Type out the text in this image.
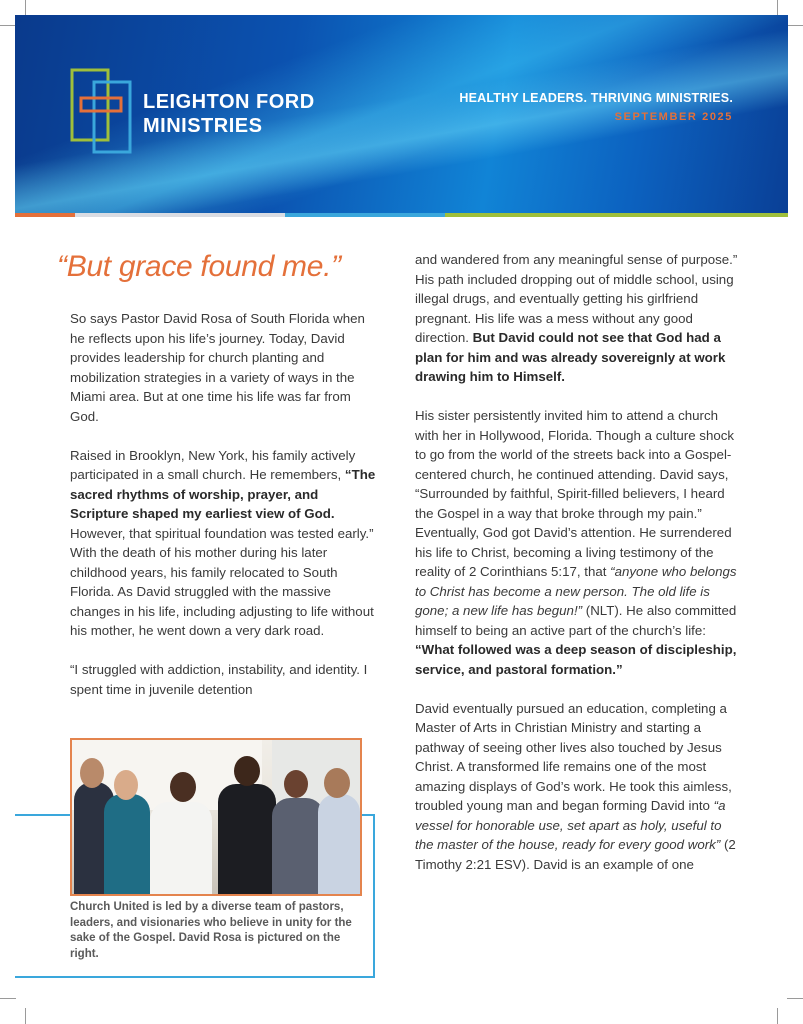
LEIGHTON FORD
MINISTRIES
HEALTHY LEADERS. THRIVING MINISTRIES.
SEPTEMBER 2025
“But grace found me.”

So says Pastor David Rosa of South Florida when he reflects upon his life’s journey. Today, David provides leadership for church planting and mobilization strategies in a variety of ways in the Miami area. But at one time his life was far from God.

Raised in Brooklyn, New York, his family actively participated in a small church. He remembers, “The sacred rhythms of worship, prayer, and Scripture shaped my earliest view of God. However, that spiritual foundation was tested early.” With the death of his mother during his later childhood years, his family relocated to South Florida. As David struggled with the massive changes in his life, including adjusting to life without his mother, he went down a very dark road.

“I struggled with addiction, instability, and identity. I spent time in juvenile detention

Church United is led by a diverse team of pastors, leaders, and visionaries who believe in unity for the sake of the Gospel. David Rosa is pictured on the right.

and wandered from any meaningful sense of purpose.” His path included dropping out of middle school, using illegal drugs, and eventually getting his girlfriend pregnant. His life was a mess without any good direction. But David could not see that God had a plan for him and was already sovereignly at work drawing him to Himself.

His sister persistently invited him to attend a church with her in Hollywood, Florida. Though a culture shock to go from the world of the streets back into a Gospel-centered church, he continued attending. David says, “Surrounded by faithful, Spirit-filled believers, I heard the Gospel in a way that broke through my pain.” Eventually, God got David’s attention. He surrendered his life to Christ, becoming a living testimony of the reality of 2 Corinthians 5:17, that “anyone who belongs to Christ has become a new person. The old life is gone; a new life has begun!” (NLT). He also committed himself to being an active part of the church’s life: “What followed was a deep season of discipleship, service, and pastoral formation.”

David eventually pursued an education, completing a Master of Arts in Christian Ministry and starting a pathway of seeing other lives also touched by Jesus Christ. A transformed life remains one of the most amazing displays of God’s work. He took this aimless, troubled young man and began forming David into “a vessel for honorable use, set apart as holy, useful to the master of the house, ready for every good work” (2 Timothy 2:21 ESV). David is an example of one
